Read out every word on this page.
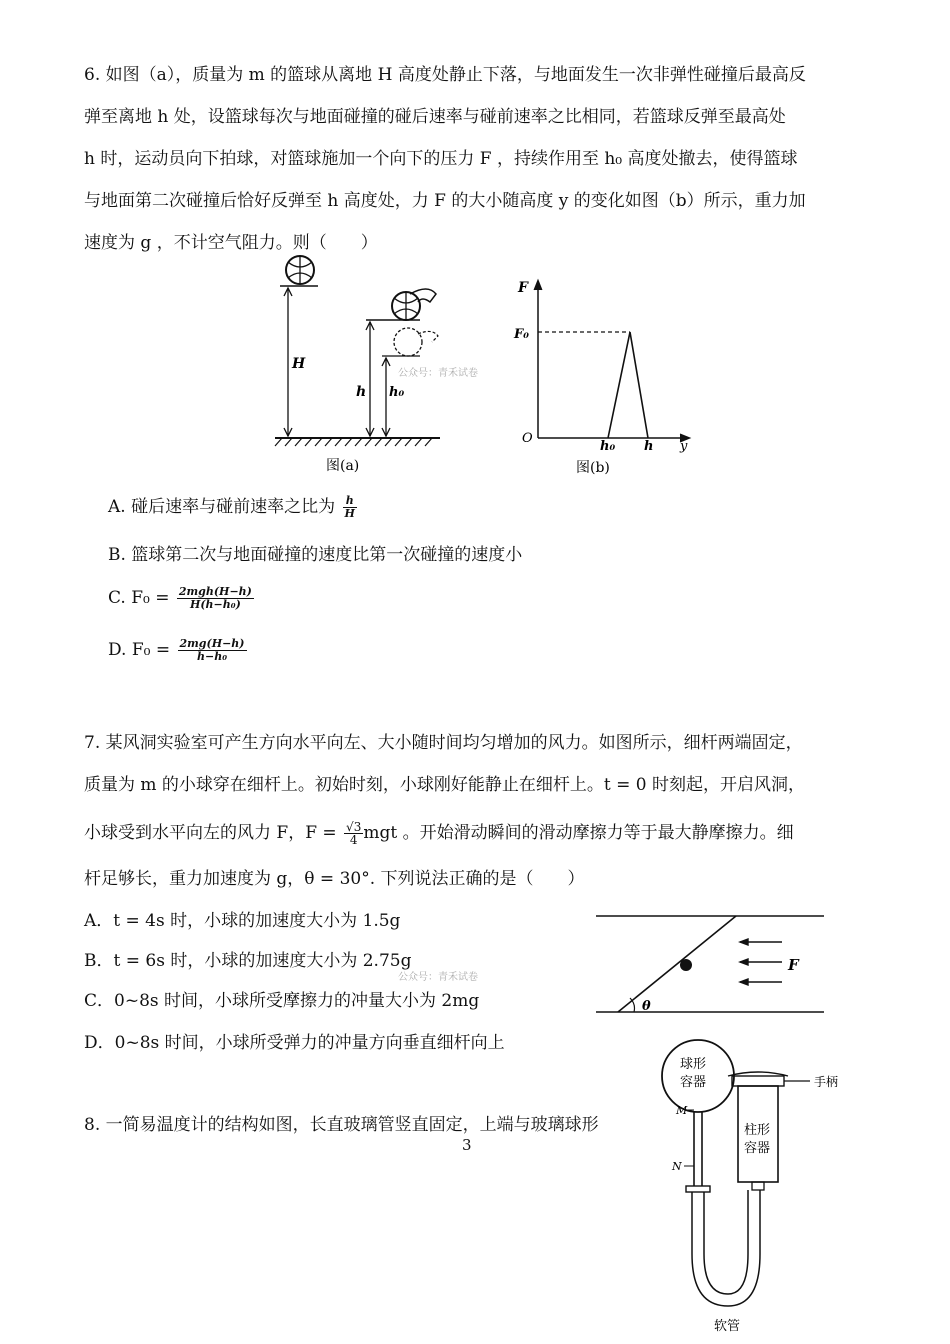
6. 如图（a），质量为 m 的篮球从离地 H 高度处静止下落，与地面发生一次非弹性碰撞后最高反
弹至离地 h 处，设篮球每次与地面碰撞的碰后速率与碰前速率之比相同，若篮球反弹至最高处
h 时，运动员向下拍球，对篮球施加一个向下的压力 F ，持续作用至 h₀ 高度处撤去，使得篮球
与地面第二次碰撞后恰好反弹至 h 高度处，力 F 的大小随高度 y 的变化如图（b）所示，重力加
速度为 g ，不计空气阻力。则（　　）
H
h h₀
图(a)
F
F₀
O
h₀ h y
图(b)
公众号：青禾试卷
A. 碰后速率与碰前速率之比为 $\frac{h}{H}$
B. 篮球第二次与地面碰撞的速度比第一次碰撞的速度小
C. $F_0 = \frac{\text{2mgh(H−h)}}{\text{H(h−h₀)}}$
D. $F_0 = \frac{2mg(H-h)}{\text{h−h₀}}$
7. 某风洞实验室可产生方向水平向左、大小随时间均匀增加的风力。如图所示，细杆两端固定，
质量为 m 的小球穿在细杆上。初始时刻，小球刚好能静止在细杆上。t = 0 时刻起，开启风洞，
小球受到水平向左的风力 F，$F = \frac{√3}{4}$ mgt 。开始滑动瞬间的滑动摩擦力等于最大静摩擦力。细
杆足够长，重力加速度为 g，θ = 30°. 下列说法正确的是（　　）
A．t = 4s 时，小球的加速度大小为 1.5g
B．t = 6s 时，小球的加速度大小为 2.75g
C．0~8s 时间，小球所受摩擦力的冲量大小为 2mg
D．0~8s 时间，小球所受弹力的冲量方向垂直细杆向上
公众号：青禾试卷
θ
F
8. 一简易温度计的结构如图，长直玻璃管竖直固定，上端与玻璃球形
3
球形
容器
M
N
手柄
柱形
容器
软管
